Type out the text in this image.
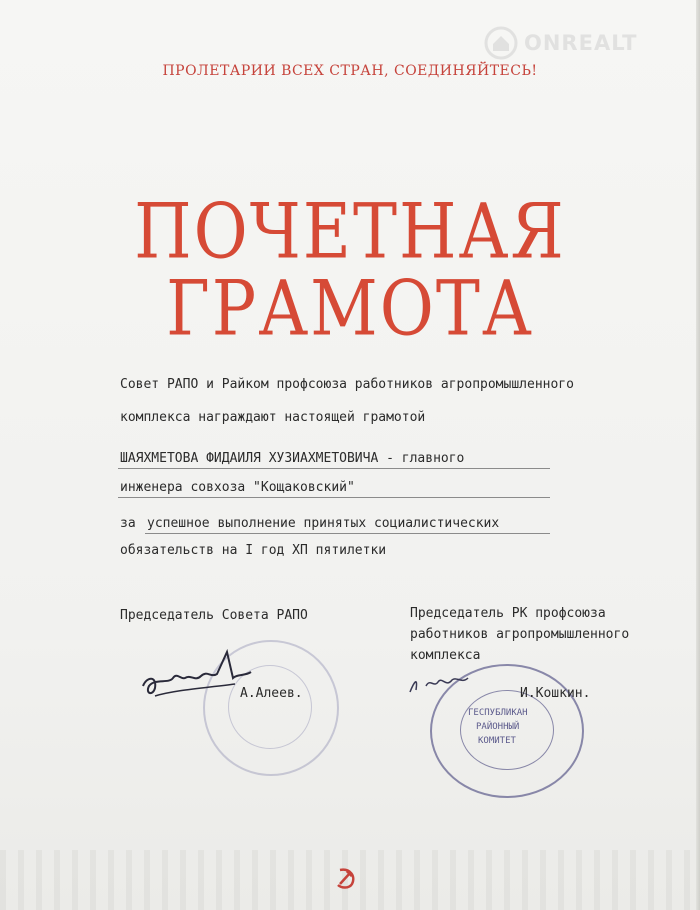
ONREALT
ПРОЛЕТАРИИ ВСЕХ СТРАН, СОЕДИНЯЙТЕСЬ!
ПОЧЕТНАЯ
ГРАМОТА
Совет РАПО и Райком профсоюза работников агропромышленного
комплекса награждают настоящей грамотой
ШАЯХМЕТОВА ФИДАИЛЯ ХУЗИАХМЕТОВИЧА - главного
инженера совхоза "Кощаковский"
за успешное выполнение принятых социалистических
обязательств на I год XП пятилетки
Председатель Совета РАПО	Председатель РК профсоюза
работников агропромышленного
комплекса
А.Алеев.
ГЕСПУБЛИКАН
РАЙОННЫЙ
КОМИТЕТ
И.Кошкин.
